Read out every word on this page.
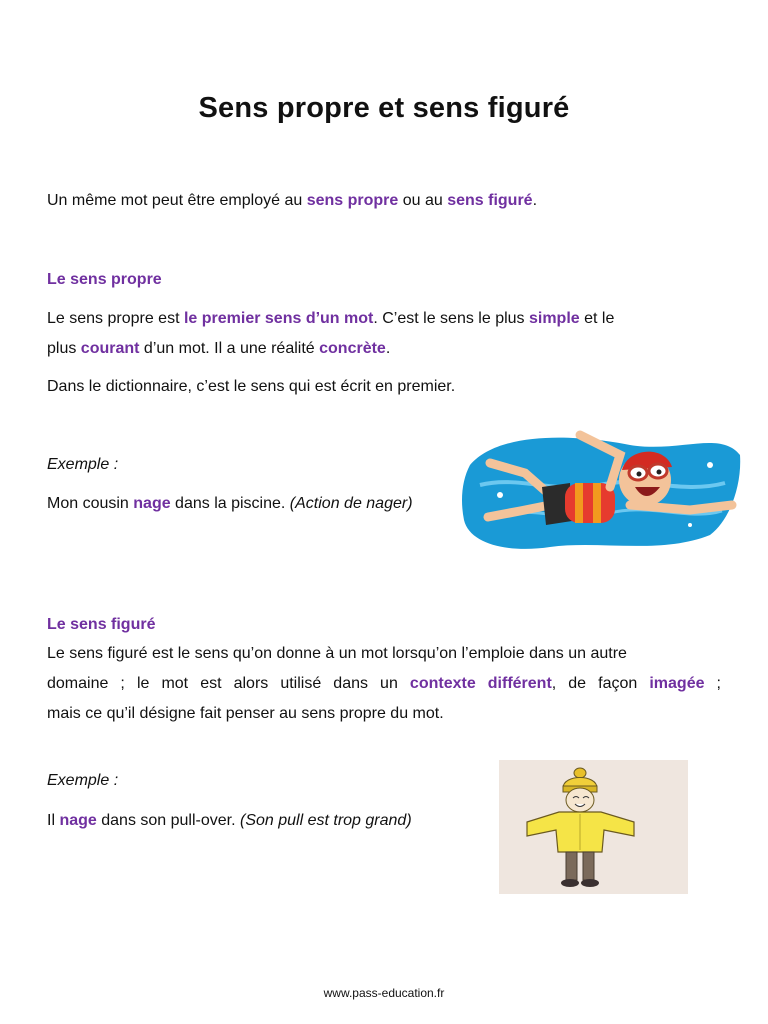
Sens propre et sens figuré

Un même mot peut être employé au sens propre ou au sens figuré.

Le sens propre

Le sens propre est le premier sens d’un mot. C’est le sens le plus simple et le
plus courant d’un mot. Il a une réalité concrète.

Dans le dictionnaire, c’est le sens qui est écrit en premier.

Exemple :

Mon cousin nage dans la piscine. (Action de nager)

Le sens figuré

Le sens figuré est le sens qu’on donne à un mot lorsqu’on l’emploie dans un autre
domaine ; le mot est alors utilisé dans un contexte différent, de façon imagée ;
mais ce qu’il désigne fait penser au sens propre du mot.

Exemple :

Il nage dans son pull-over. (Son pull est trop grand)

www.pass-education.fr
